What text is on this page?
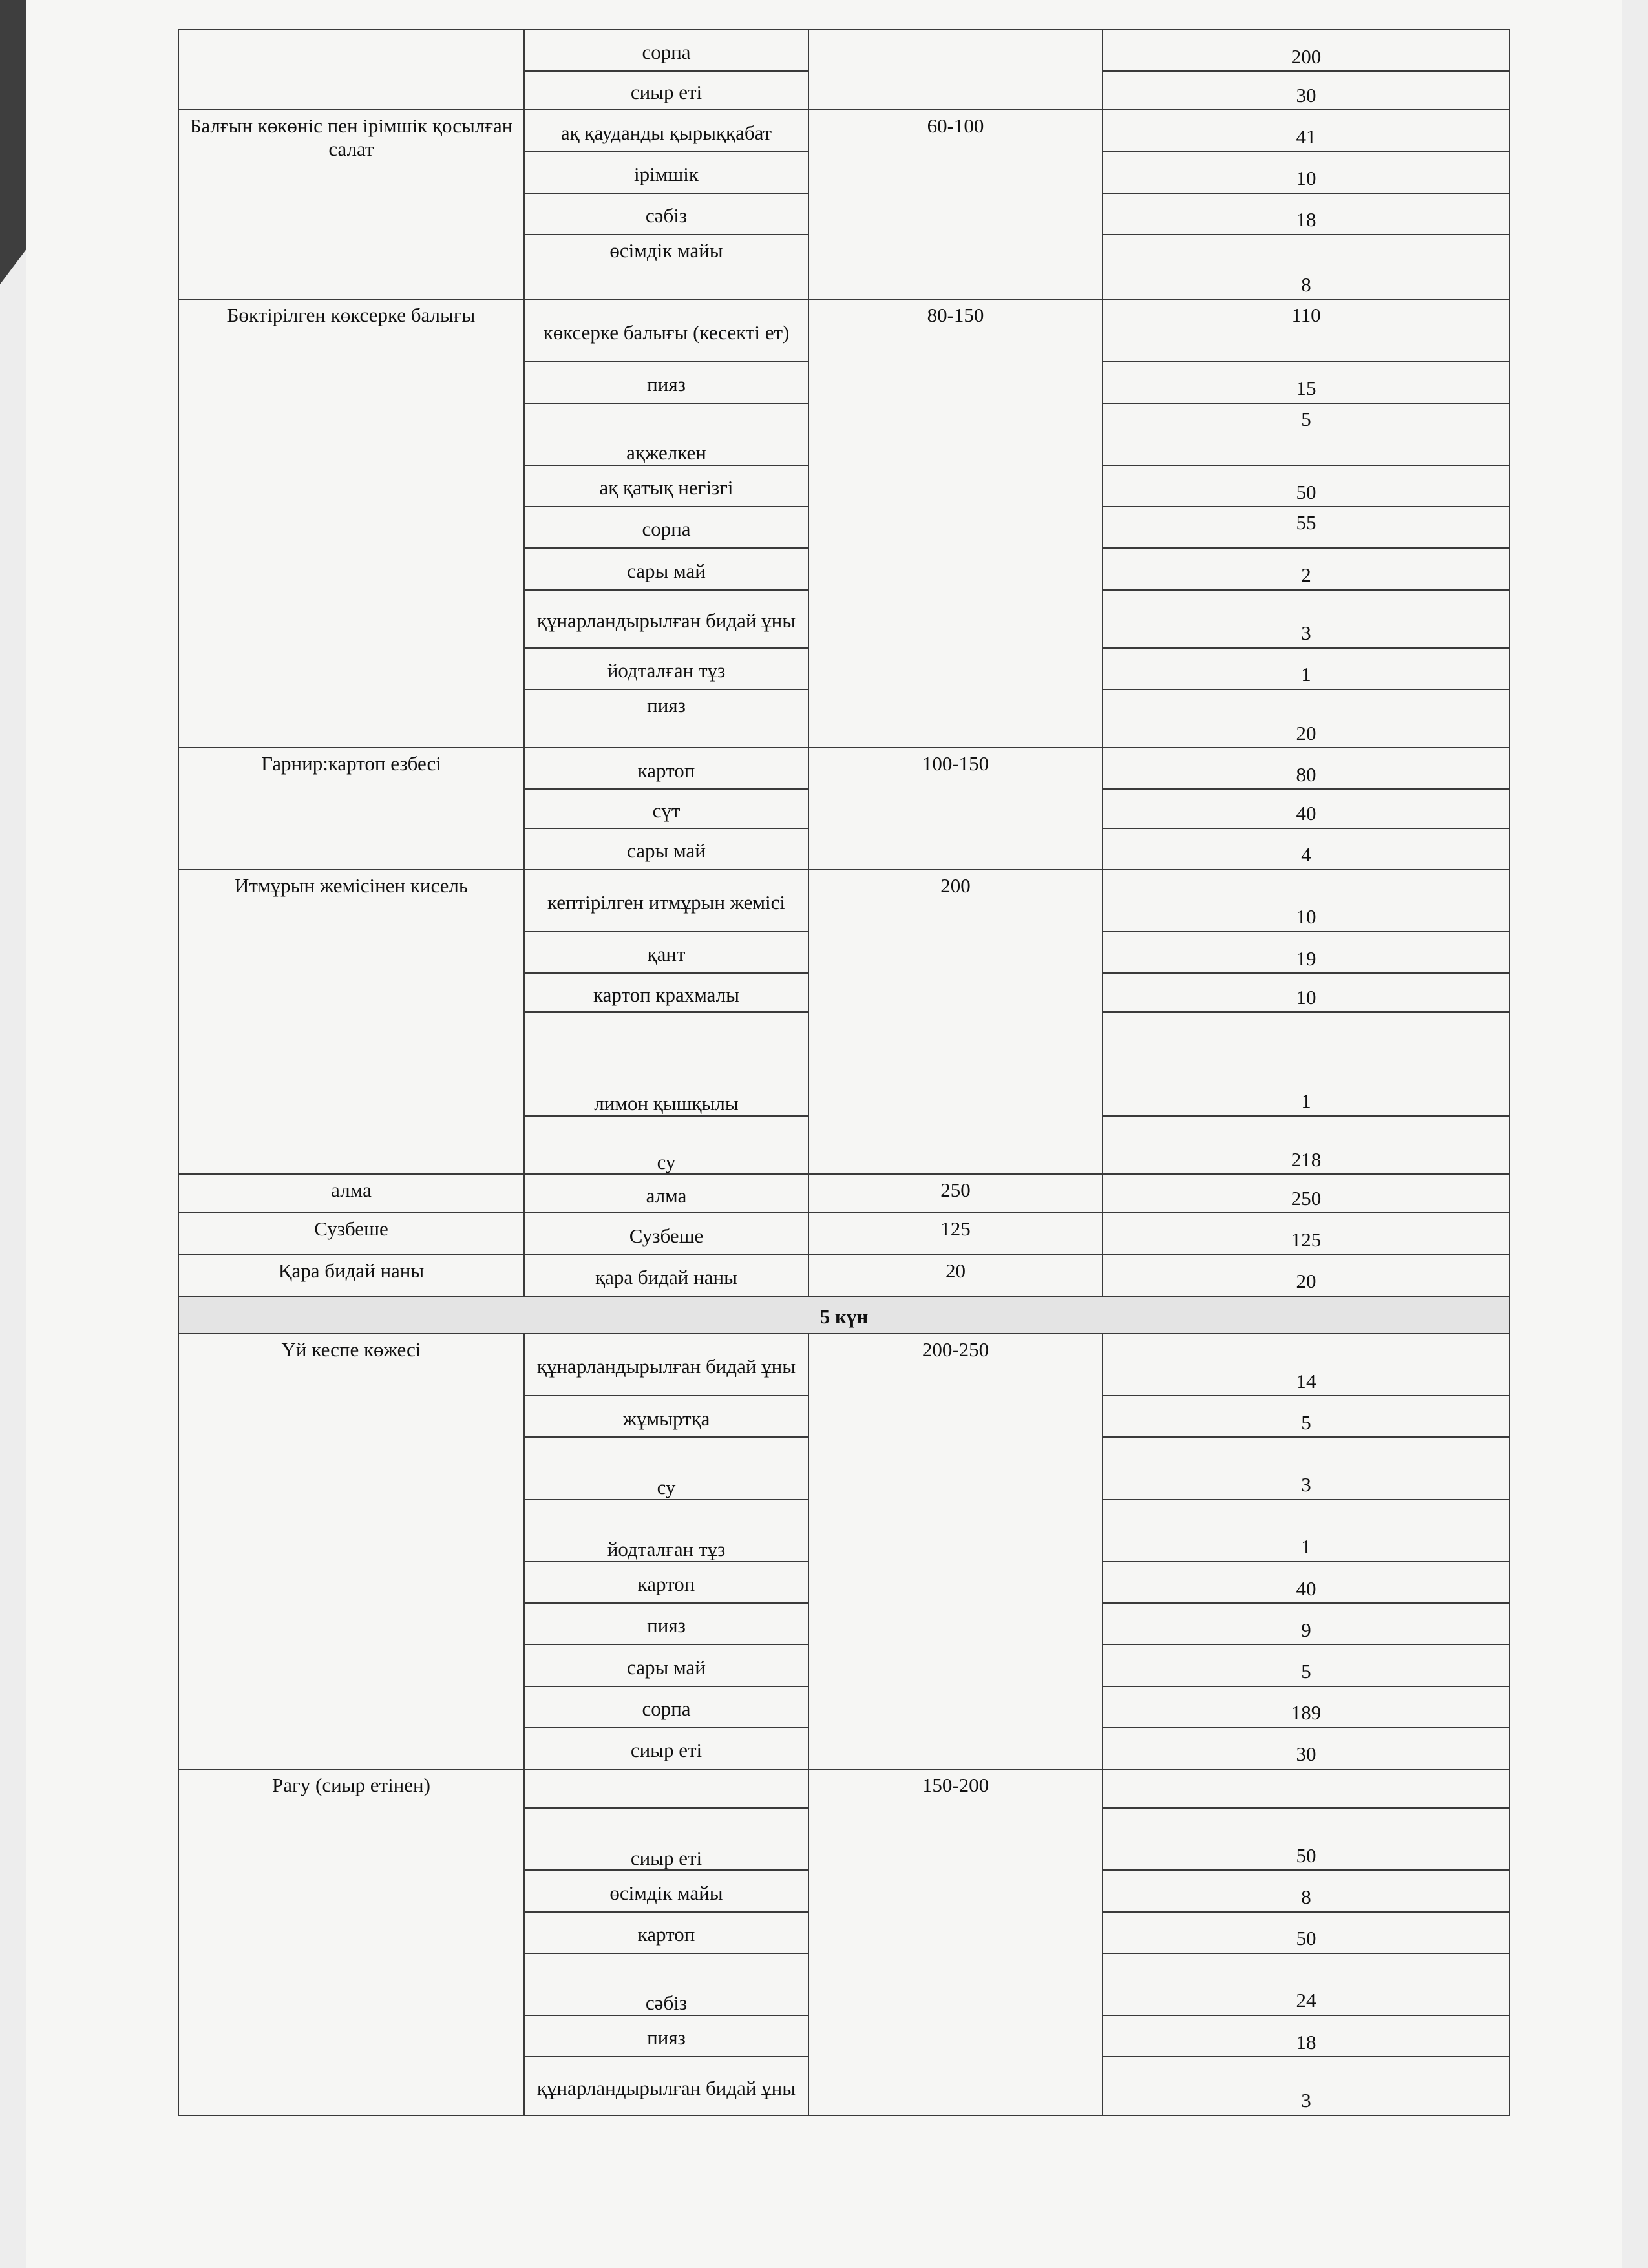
	сорпа		200
	сиыр еті		30
Балғын көкөніс пен ірімшік қосылған салат	ақ қауданды қырыққабат	60-100	41
	ірімшік		10
	сәбіз		18
	өсімдік майы		8
Бөктірілген көксерке балығы	көксерке балығы (кесекті ет)	80-150	110
	пияз		15
	ақжелкен		5
	ақ қатық негізгі		50
	сорпа		55
	сары май		2
	құнарландырылған бидай ұны		3
	йодталған тұз		1
	пияз		20
Гарнир:картоп езбесі	картоп	100-150	80
	сүт		40
	сары май		4
Итмұрын жемісінен кисель	кептірілген итмұрын жемісі	200	10
	қант		19
	картоп крахмалы		10
	лимон қышқылы		1
	су		218
алма	алма	250	250
Сузбеше	Сузбеше	125	125
Қара бидай наны	қара бидай наны	20	20
5 күн			
Үй кеспе көжесі	құнарландырылған бидай ұны	200-250	14
	жұмыртқа		5
	су		3
	йодталған тұз		1
	картоп		40
	пияз		9
	сары май		5
	сорпа		189
	сиыр еті		30
Рагу (сиыр етінен)		150-200	
	сиыр еті		50
	өсімдік майы		8
	картоп		50
	сәбіз		24
	пияз		18
	құнарландырылған бидай ұны		3
